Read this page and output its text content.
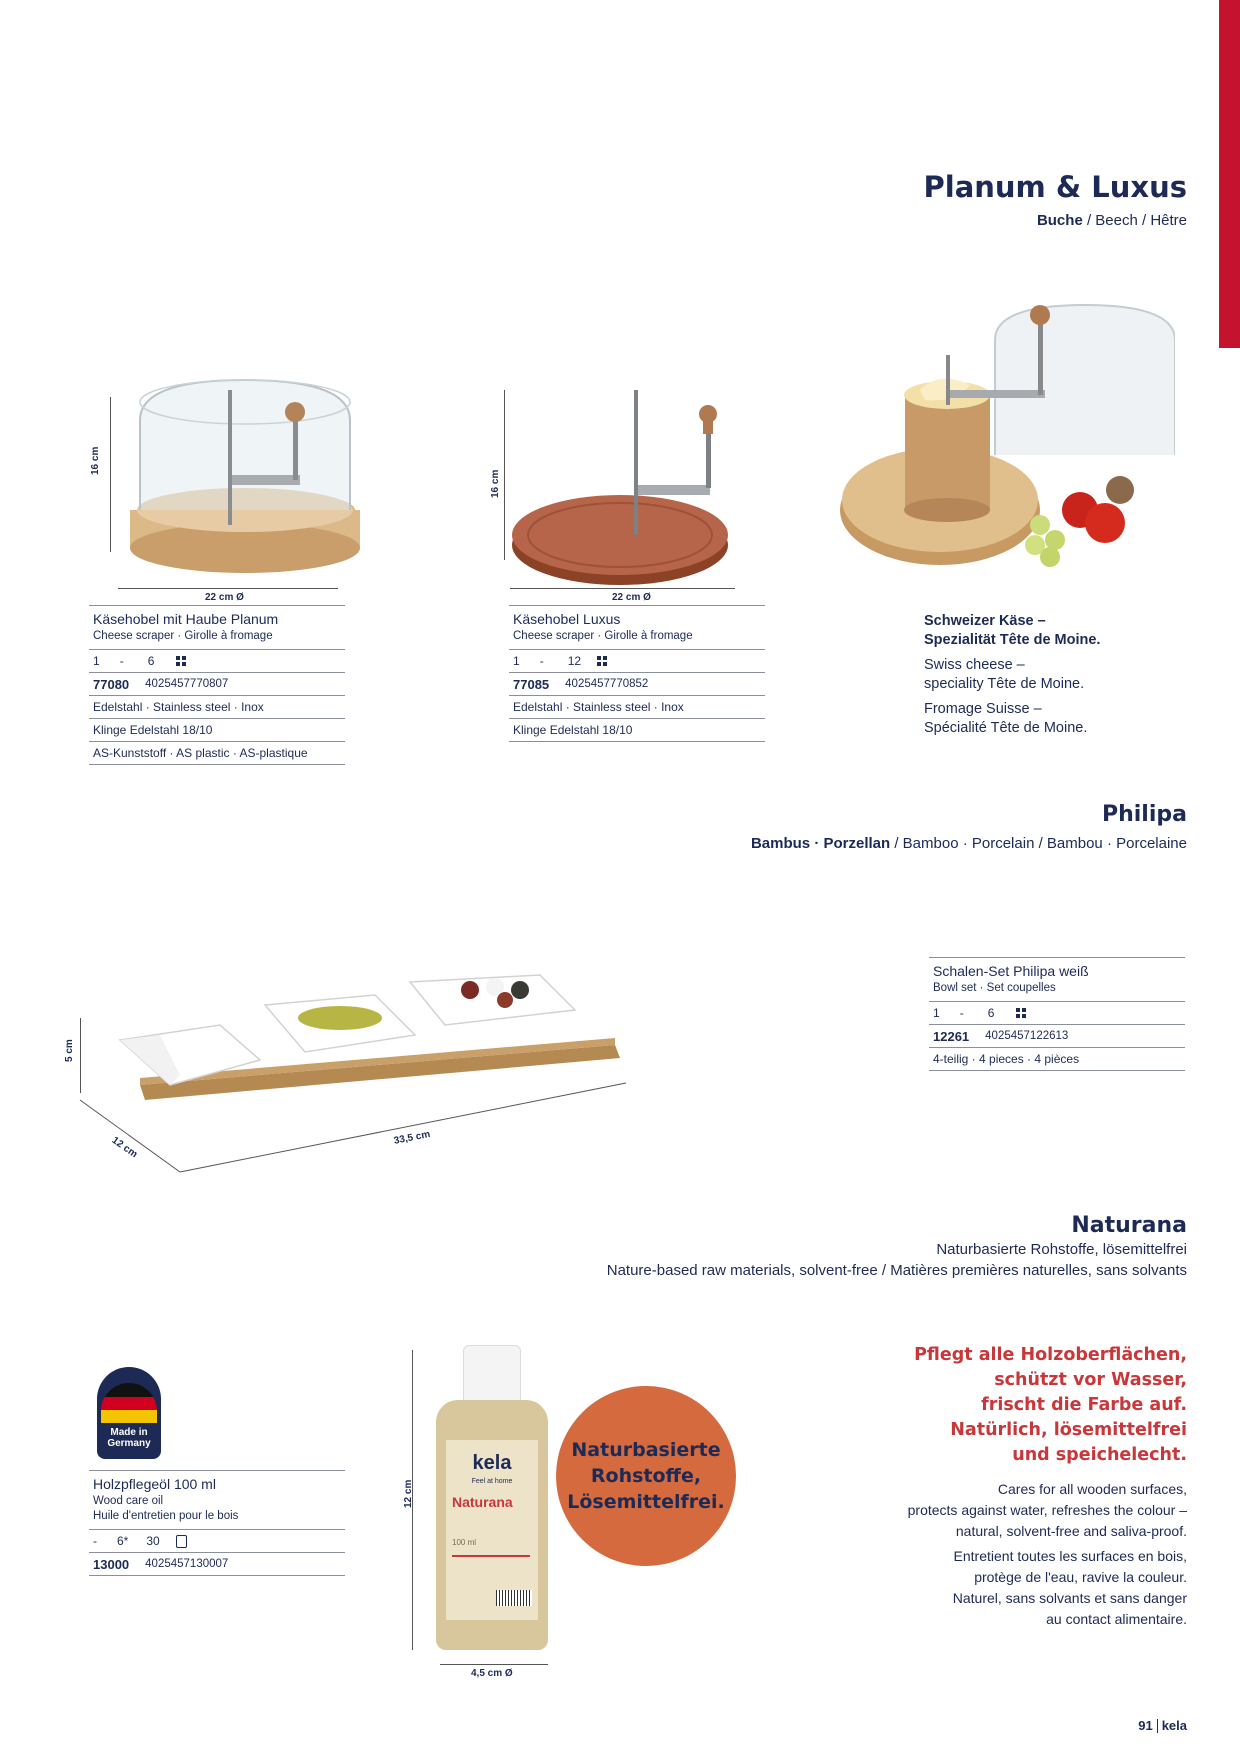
Planum & Luxus
Buche / Beech / Hêtre
16 cm
22 cm Ø
16 cm
22 cm Ø
Käsehobel mit Haube Planum
Cheese scraper · Girolle à fromage
1 - 6
77080 4025457770807
Edelstahl · Stainless steel · Inox
Klinge Edelstahl 18/10
AS-Kunststoff · AS plastic · AS-plastique
Käsehobel Luxus
Cheese scraper · Girolle à fromage
1 - 12
77085 4025457770852
Edelstahl · Stainless steel · Inox
Klinge Edelstahl 18/10
Schweizer Käse –
Spezialität Tête de Moine.
Swiss cheese –
speciality Tête de Moine.
Fromage Suisse –
Spécialité Tête de Moine.
Philipa
Bambus · Porzellan / Bamboo · Porcelain / Bambou · Porcelaine
5 cm
12 cm	33,5 cm
Schalen-Set Philipa weiß
Bowl set · Set coupelles
1 - 6
12261 4025457122613
4-teilig · 4 pieces · 4 pièces
Naturana
Naturbasierte Rohstoffe, lösemittelfrei
Nature-based raw materials, solvent-free / Matières premières naturelles, sans solvants
Made in
Germany
Holzpflegeöl 100 ml
Wood care oil
Huile d'entretien pour le bois
- 6* 30
13000 4025457130007
12 cm
kela
Feel at home
Naturana
100 ml
4,5 cm Ø
Naturbasierte
Rohstoffe,
Lösemittelfrei.
Pflegt alle Holzoberflächen,
schützt vor Wasser,
frischt die Farbe auf.
Natürlich, lösemittelfrei
und speichelecht.
Cares for all wooden surfaces,
protects against water, refreshes the colour –
natural, solvent-free and saliva-proof.
Entretient toutes les surfaces en bois,
protège de l'eau, ravive la couleur.
Naturel, sans solvants et sans danger
au contact alimentaire.
91 kela
